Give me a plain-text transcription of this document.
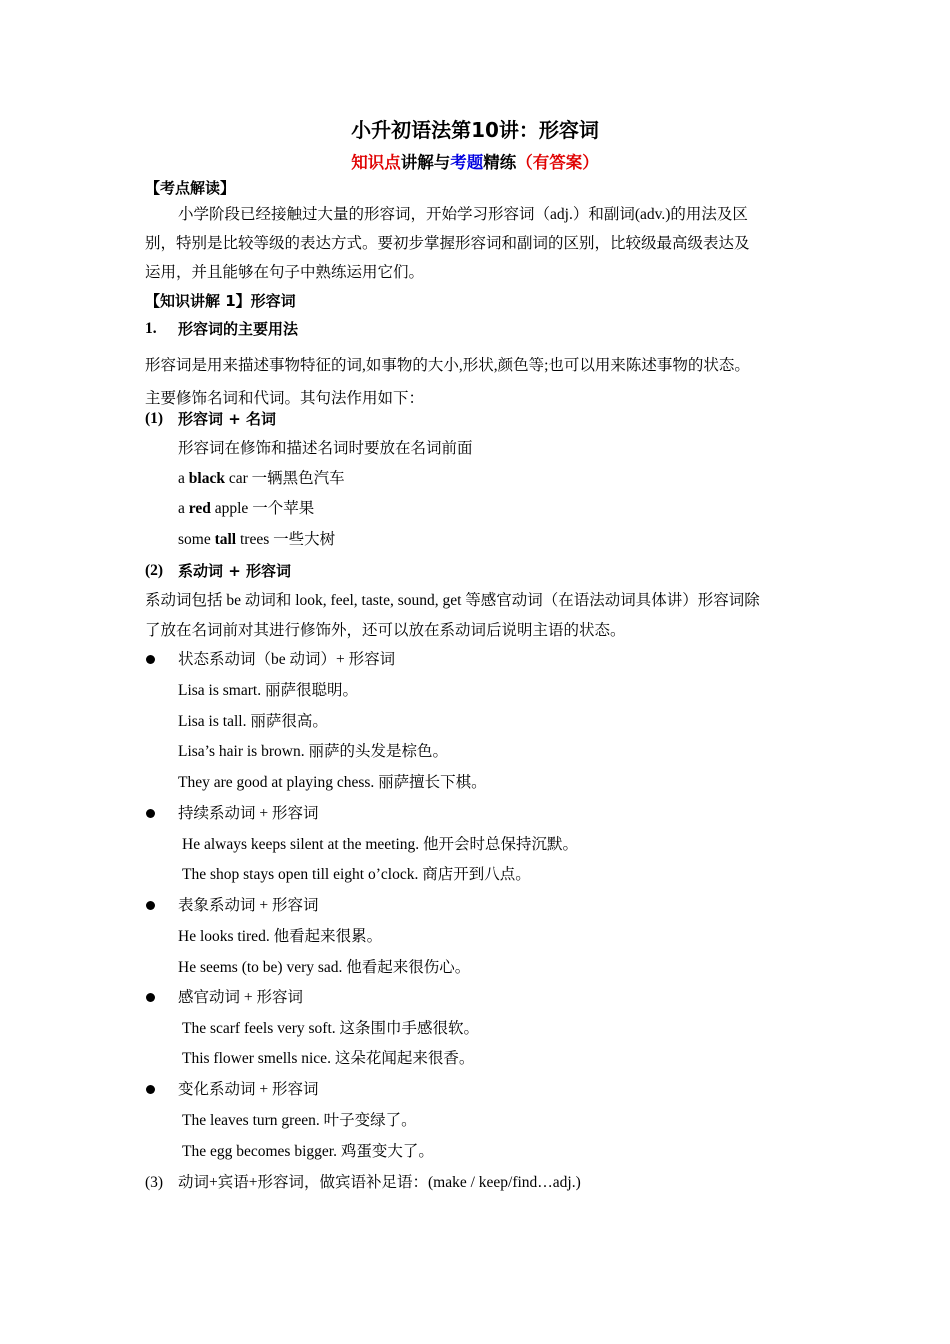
小升初语法第10讲：形容词
知识点讲解与考题精练（有答案）
【考点解读】
小学阶段已经接触过大量的形容词，开始学习形容词（adj.）和副词(adv.)的用法及区
别，特别是比较等级的表达方式。要初步掌握形容词和副词的区别，比较级最高级表达及
运用，并且能够在句子中熟练运用它们。
【知识讲解 1】形容词
1. 形容词的主要用法
形容词是用来描述事物特征的词,如事物的大小,形状,颜色等;也可以用来陈述事物的状态。
主要修饰名词和代词。其句法作用如下：
(1) 形容词 + 名词
形容词在修饰和描述名词时要放在名词前面
a black car 一辆黑色汽车
a red apple 一个苹果
some tall trees 一些大树
(2) 系动词 + 形容词
系动词包括 be 动词和 look, feel, taste, sound, get 等感官动词（在语法动词具体讲）形容词除
了放在名词前对其进行修饰外，还可以放在系动词后说明主语的状态。
状态系动词（be 动词）+ 形容词
Lisa is smart. 丽萨很聪明。
Lisa is tall. 丽萨很高。
Lisa’s hair is brown. 丽萨的头发是棕色。
They are good at playing chess. 丽萨擅长下棋。
持续系动词 + 形容词
He always keeps silent at the meeting. 他开会时总保持沉默。
The shop stays open till eight o’clock. 商店开到八点。
表象系动词 + 形容词
He looks tired. 他看起来很累。
He seems (to be) very sad. 他看起来很伤心。
感官动词 + 形容词
The scarf feels very soft. 这条围巾手感很软。
This flower smells nice. 这朵花闻起来很香。
变化系动词 + 形容词
The leaves turn green. 叶子变绿了。
The egg becomes bigger. 鸡蛋变大了。
(3) 动词+宾语+形容词，做宾语补足语：(make / keep/find…adj.)
